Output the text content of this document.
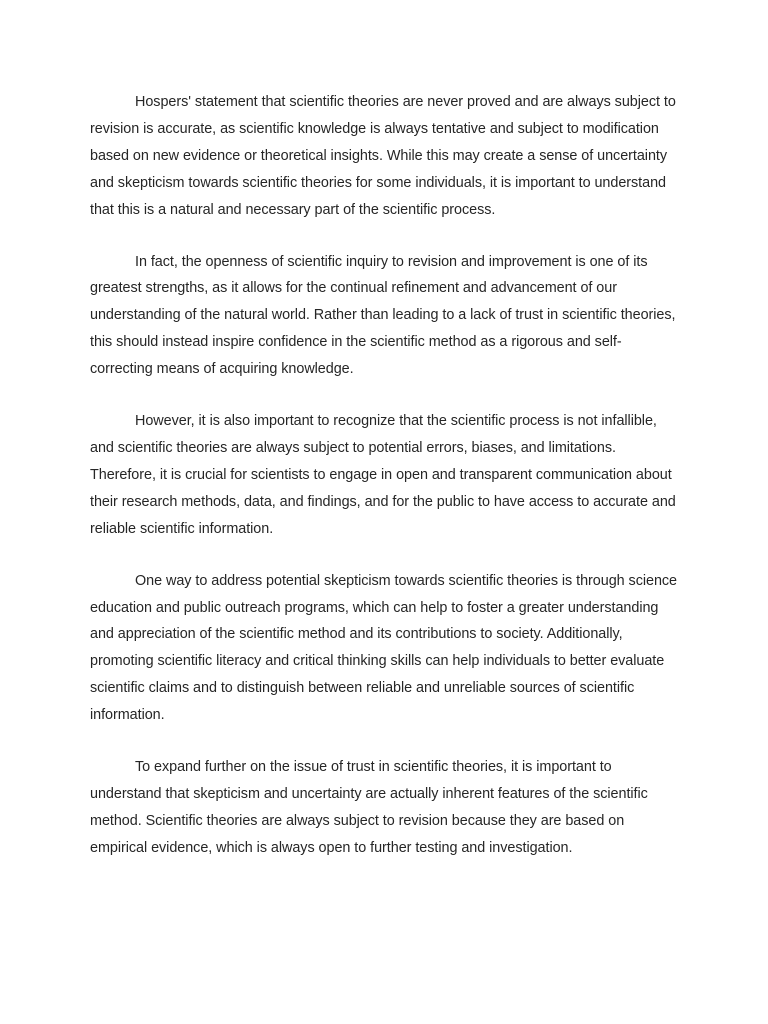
Hospers' statement that scientific theories are never proved and are always subject to revision is accurate, as scientific knowledge is always tentative and subject to modification based on new evidence or theoretical insights. While this may create a sense of uncertainty and skepticism towards scientific theories for some individuals, it is important to understand that this is a natural and necessary part of the scientific process.

In fact, the openness of scientific inquiry to revision and improvement is one of its greatest strengths, as it allows for the continual refinement and advancement of our understanding of the natural world. Rather than leading to a lack of trust in scientific theories, this should instead inspire confidence in the scientific method as a rigorous and self-correcting means of acquiring knowledge.

However, it is also important to recognize that the scientific process is not infallible, and scientific theories are always subject to potential errors, biases, and limitations. Therefore, it is crucial for scientists to engage in open and transparent communication about their research methods, data, and findings, and for the public to have access to accurate and reliable scientific information.

One way to address potential skepticism towards scientific theories is through science education and public outreach programs, which can help to foster a greater understanding and appreciation of the scientific method and its contributions to society. Additionally, promoting scientific literacy and critical thinking skills can help individuals to better evaluate scientific claims and to distinguish between reliable and unreliable sources of scientific information.

To expand further on the issue of trust in scientific theories, it is important to understand that skepticism and uncertainty are actually inherent features of the scientific method. Scientific theories are always subject to revision because they are based on empirical evidence, which is always open to further testing and investigation.
